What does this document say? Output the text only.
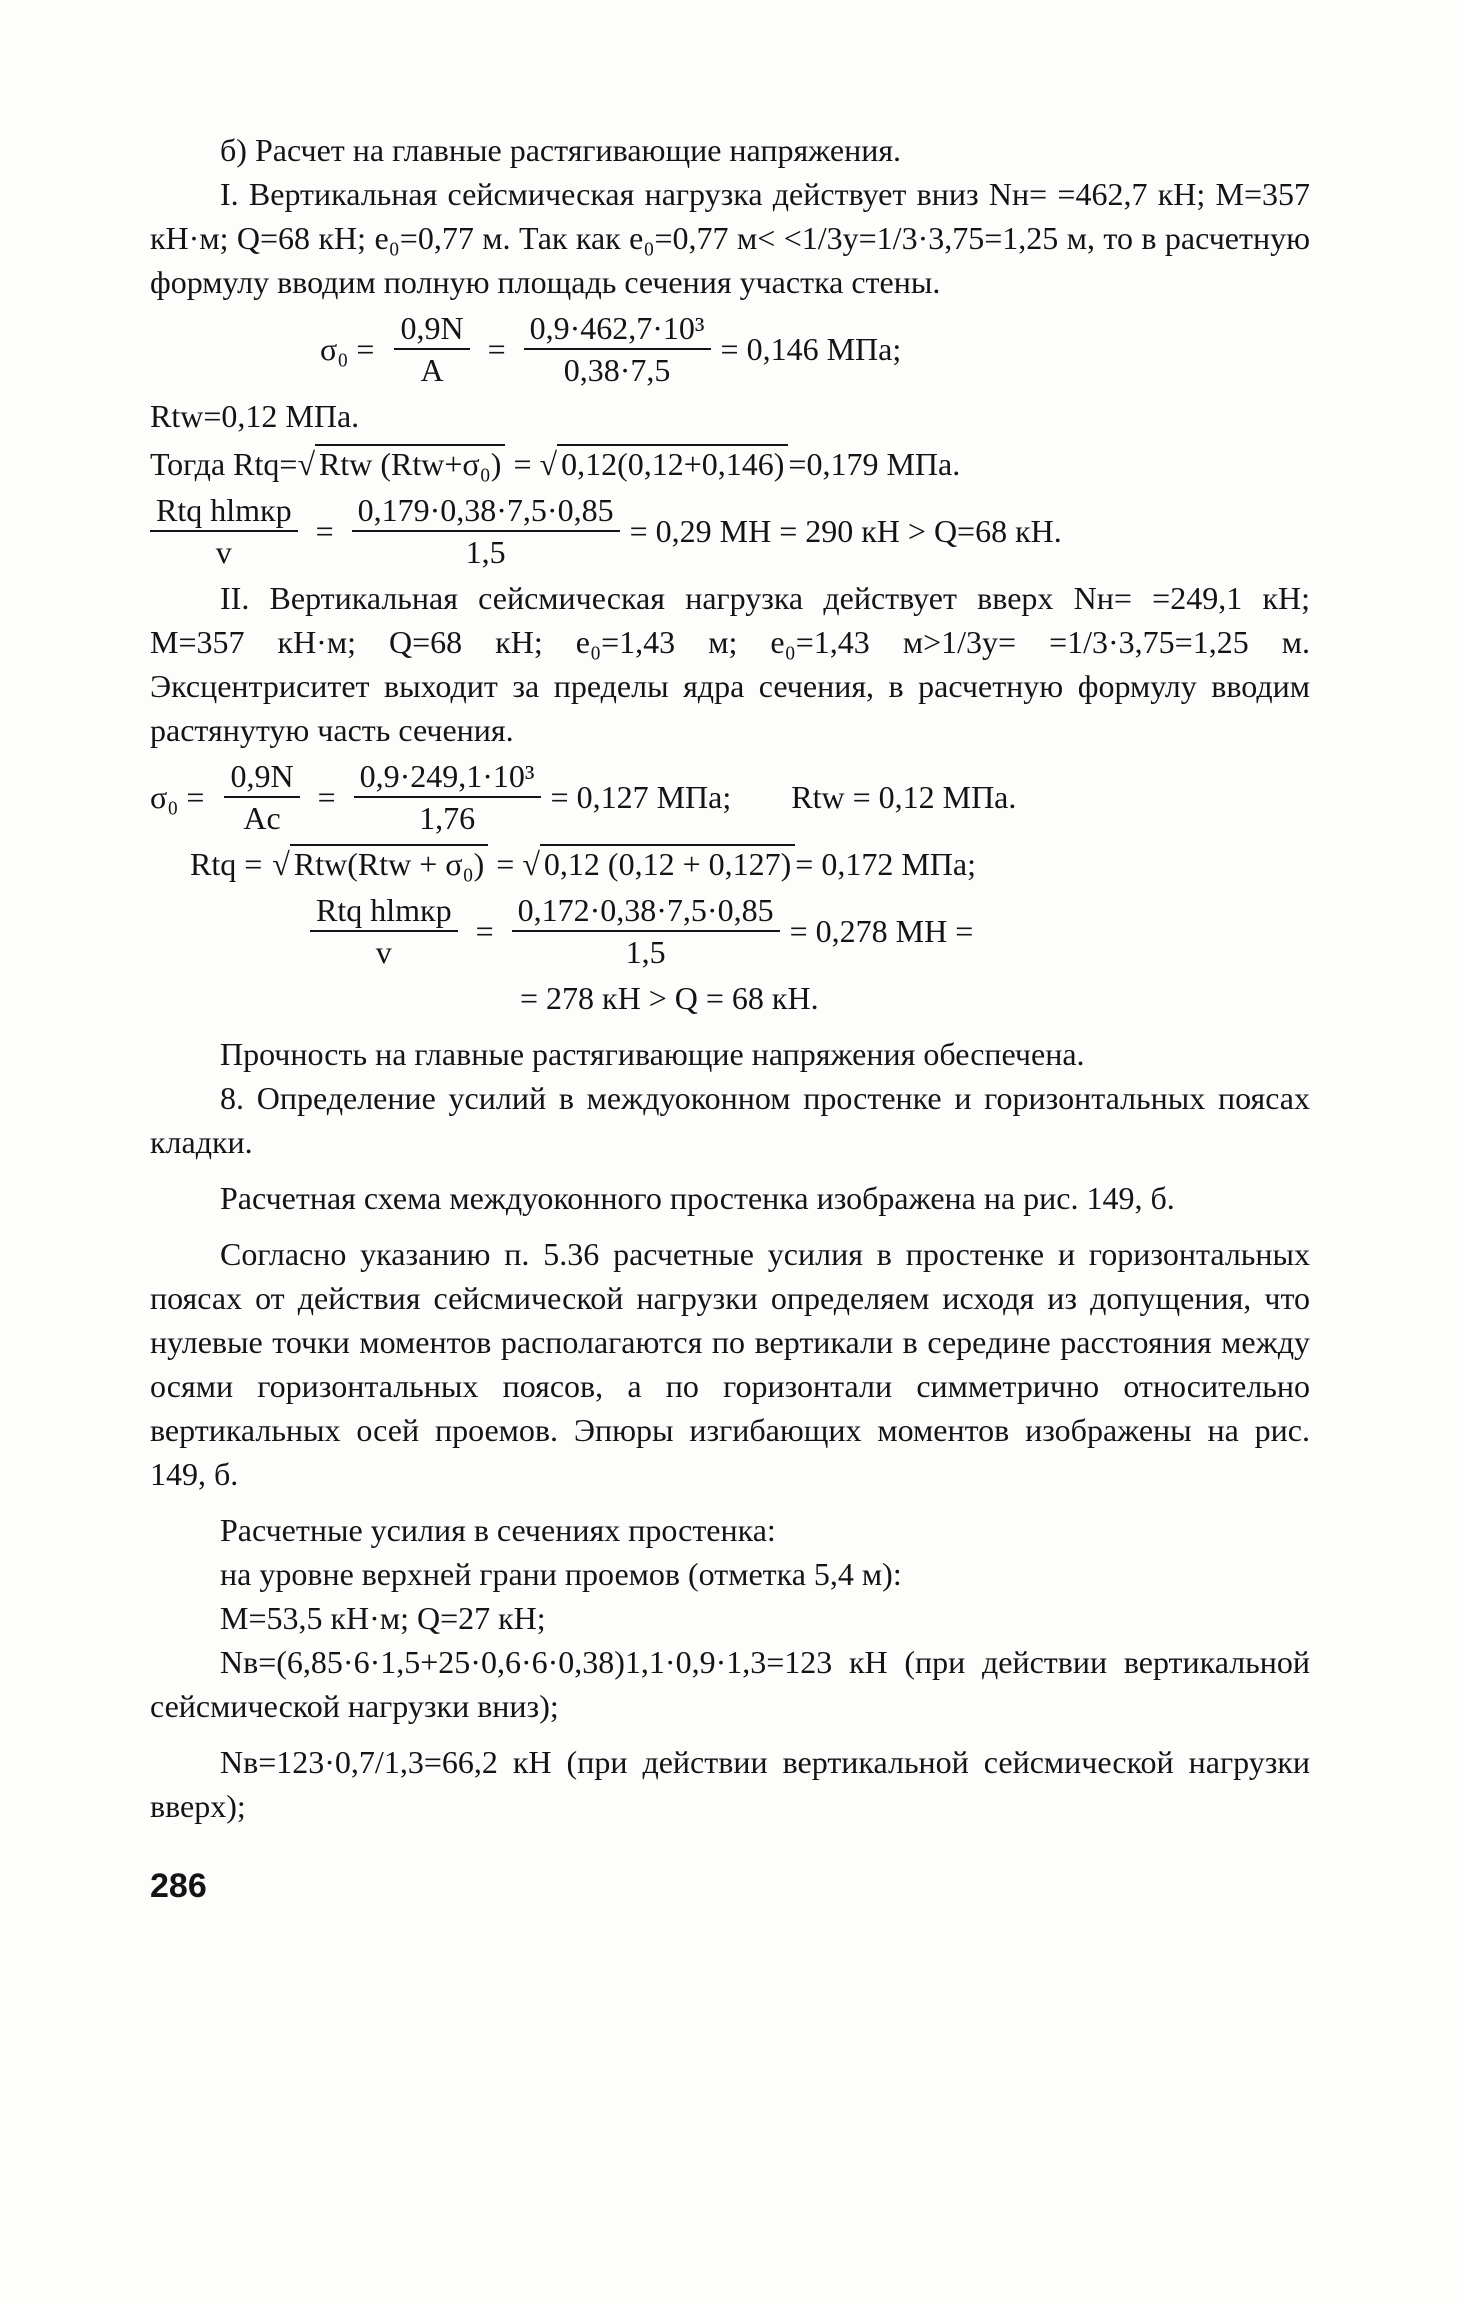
б) Расчет на главные растягивающие напряжения.

I. Вертикальная сейсмическая нагрузка действует вниз Nн= =462,7 кН; M=357 кН·м; Q=68 кН; e₀=0,77 м. Так как e₀=0,77 м< <1/3y=1/3·3,75=1,25 м, то в расчетную формулу вводим полную площадь сечения участка стены.

$\sigma_0 = \frac{0,9N}{A} = \frac{\text{0,9·462,7·10³}}{0,38\cdot 7,5} = 0,146$ МПа;

Rtw=0,12 МПа.

Тогда Rtq= √ Rtw (Rtw+σ₀) = √ 0,12(0,12+0,146) =0,179 МПа.
$\frac{\text{Rtq hlmкр}}{v} = \frac{0,179\cdot 0,38\cdot 7,5\cdot 0,85}{1,5} = 0,29$ МН = 290 кН > Q=68 кН.

II. Вертикальная сейсмическая нагрузка действует вверх Nн= =249,1 кН; M=357 кН·м; Q=68 кН; e₀=1,43 м; e₀=1,43 м>1/3y= =1/3·3,75=1,25 м. Эксцентриситет выходит за пределы ядра сечения, в расчетную формулу вводим растянутую часть сечения.

$\sigma_0 = \frac{0,9N}{Ac} = \frac{\text{0,9·249,1·10³}}{1,76} = 0,127$ МПа; Rtw = 0,12 МПа.
Rtq = √ Rtw(Rtw + σ₀) = √ 0,12 (0,12 + 0,127) = 0,172 МПа;
$\frac{\text{Rtq hlmкр}}{v} = \frac{0,172\cdot 0,38\cdot 7,5\cdot 0,85}{1,5} = 0,278$ МН =

= 278 кН > Q = 68 кН.

Прочность на главные растягивающие напряжения обеспечена.

8. Определение усилий в междуоконном простенке и горизонтальных поясах кладки.

Расчетная схема междуоконного простенка изображена на рис. 149, б.

Согласно указанию п. 5.36 расчетные усилия в простенке и горизонтальных поясах от действия сейсмической нагрузки определяем исходя из допущения, что нулевые точки моментов располагаются по вертикали в середине расстояния между осями горизонтальных поясов, а по горизонтали симметрично относительно вертикальных осей проемов. Эпюры изгибающих моментов изображены на рис. 149, б.

Расчетные усилия в сечениях простенка:

на уровне верхней грани проемов (отметка 5,4 м):

M=53,5 кН·м; Q=27 кН;

Nв=(6,85·6·1,5+25·0,6·6·0,38)1,1·0,9·1,3=123 кН (при действии вертикальной сейсмической нагрузки вниз);

Nв=123·0,7/1,3=66,2 кН (при действии вертикальной сейсмической нагрузки вверх);

286
